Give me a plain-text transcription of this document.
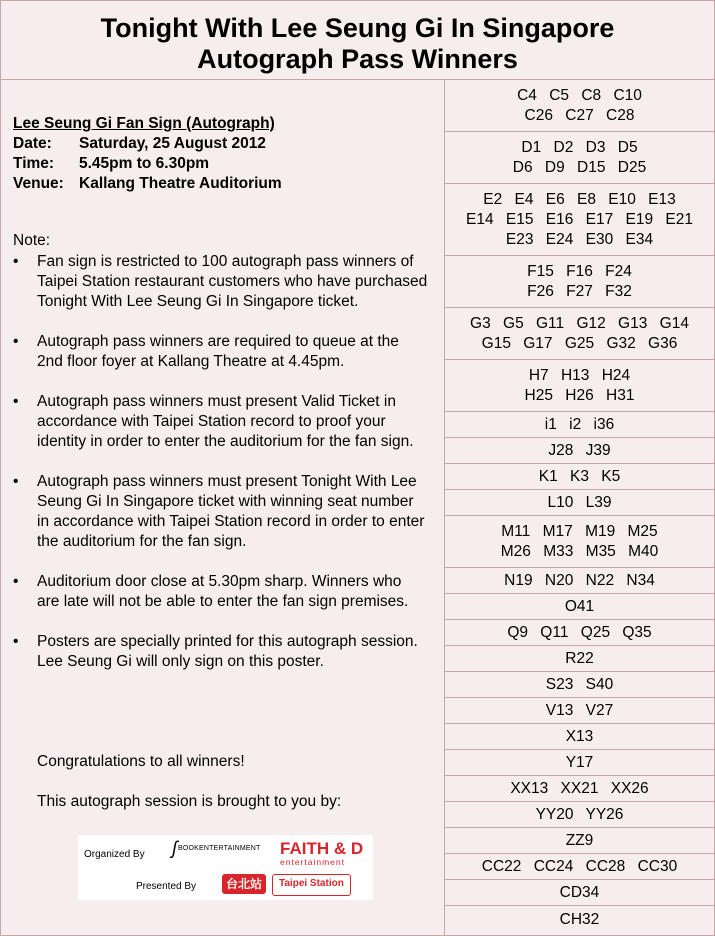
Tonight With Lee Seung Gi In Singapore
Autograph Pass Winners
Lee Seung Gi Fan Sign (Autograph)
Date: Saturday, 25 August 2012
Time: 5.45pm to 6.30pm
Venue: Kallang Theatre Auditorium
Note:
• Fan sign is restricted to 100 autograph pass winners of Taipei Station restaurant customers who have purchased Tonight With Lee Seung Gi In Singapore ticket.
• Autograph pass winners are required to queue at the 2nd floor foyer at Kallang Theatre at 4.45pm.
• Autograph pass winners must present Valid Ticket in accordance with Taipei Station record to proof your identity in order to enter the auditorium for the fan sign.
• Autograph pass winners must present Tonight With Lee Seung Gi In Singapore ticket with winning seat number in accordance with Taipei Station record in order to enter the auditorium for the fan sign.
• Auditorium door close at 5.30pm sharp. Winners who are late will not be able to enter the fan sign premises.
• Posters are specially printed for this autograph session. Lee Seung Gi will only sign on this poster.
Congratulations to all winners!
This autograph session is brought to you by:
Organized By ʃ BOOKENTERTAINMENT FAITH & D
entertainment
Presented By	台北站	Taipei Station
C4 C5 C8 C10
C26 C27 C28
D1 D2 D3 D5
D6 D9 D15 D25
E2 E4 E6 E8 E10 E13
E14 E15 E16 E17 E19 E21
E23 E24 E30 E34
F15 F16 F24
F26 F27 F32
G3 G5 G11 G12 G13 G14
G15 G17 G25 G32 G36
H7 H13 H24
H25 H26 H31
i1 i2 i36
J28 J39
K1 K3 K5
L10 L39
M11 M17 M19 M25
M26 M33 M35 M40
N19 N20 N22 N34
O41
Q9 Q11 Q25 Q35
R22
S23 S40
V13 V27
X13
Y17
XX13 XX21 XX26
YY20 YY26
ZZ9
CC22 CC24 CC28 CC30
CD34
CH32
